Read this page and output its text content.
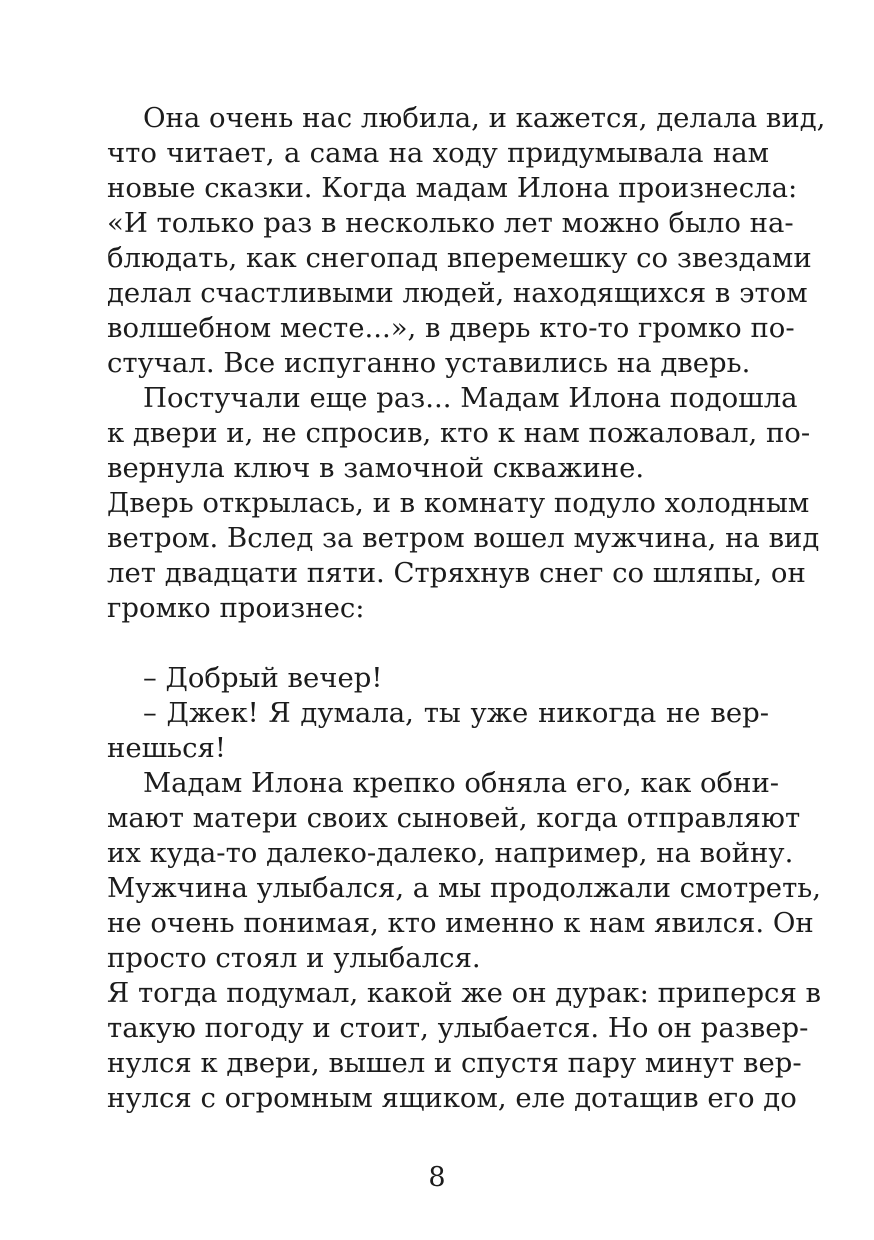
Она очень нас любила, и кажется, делала вид,
что читает, а сама на ходу придумывала нам
новые сказки. Когда мадам Илона произнесла:
«И только раз в несколько лет можно было на-
блюдать, как снегопад вперемешку со звездами
делал счастливыми людей, находящихся в этом
волшебном месте...», в дверь кто-то громко по-
стучал. Все испуганно уставились на дверь.
Постучали еще раз... Мадам Илона подошла
к двери и, не спросив, кто к нам пожаловал, по-
вернула ключ в замочной скважине.
Дверь открылась, и в комнату подуло холодным
ветром. Вслед за ветром вошел мужчина, на вид
лет двадцати пяти. Стряхнув снег со шляпы, он
громко произнес:
– Добрый вечер!
– Джек! Я думала, ты уже никогда не вер-
нешься!
Мадам Илона крепко обняла его, как обни-
мают матери своих сыновей, когда отправляют
их куда-то далеко-далеко, например, на войну.
Мужчина улыбался, а мы продолжали смотреть,
не очень понимая, кто именно к нам явился. Он
просто стоял и улыбался.
Я тогда подумал, какой же он дурак: приперся в
такую погоду и стоит, улыбается. Но он развер-
нулся к двери, вышел и спустя пару минут вер-
нулся с огромным ящиком, еле дотащив его до
8
